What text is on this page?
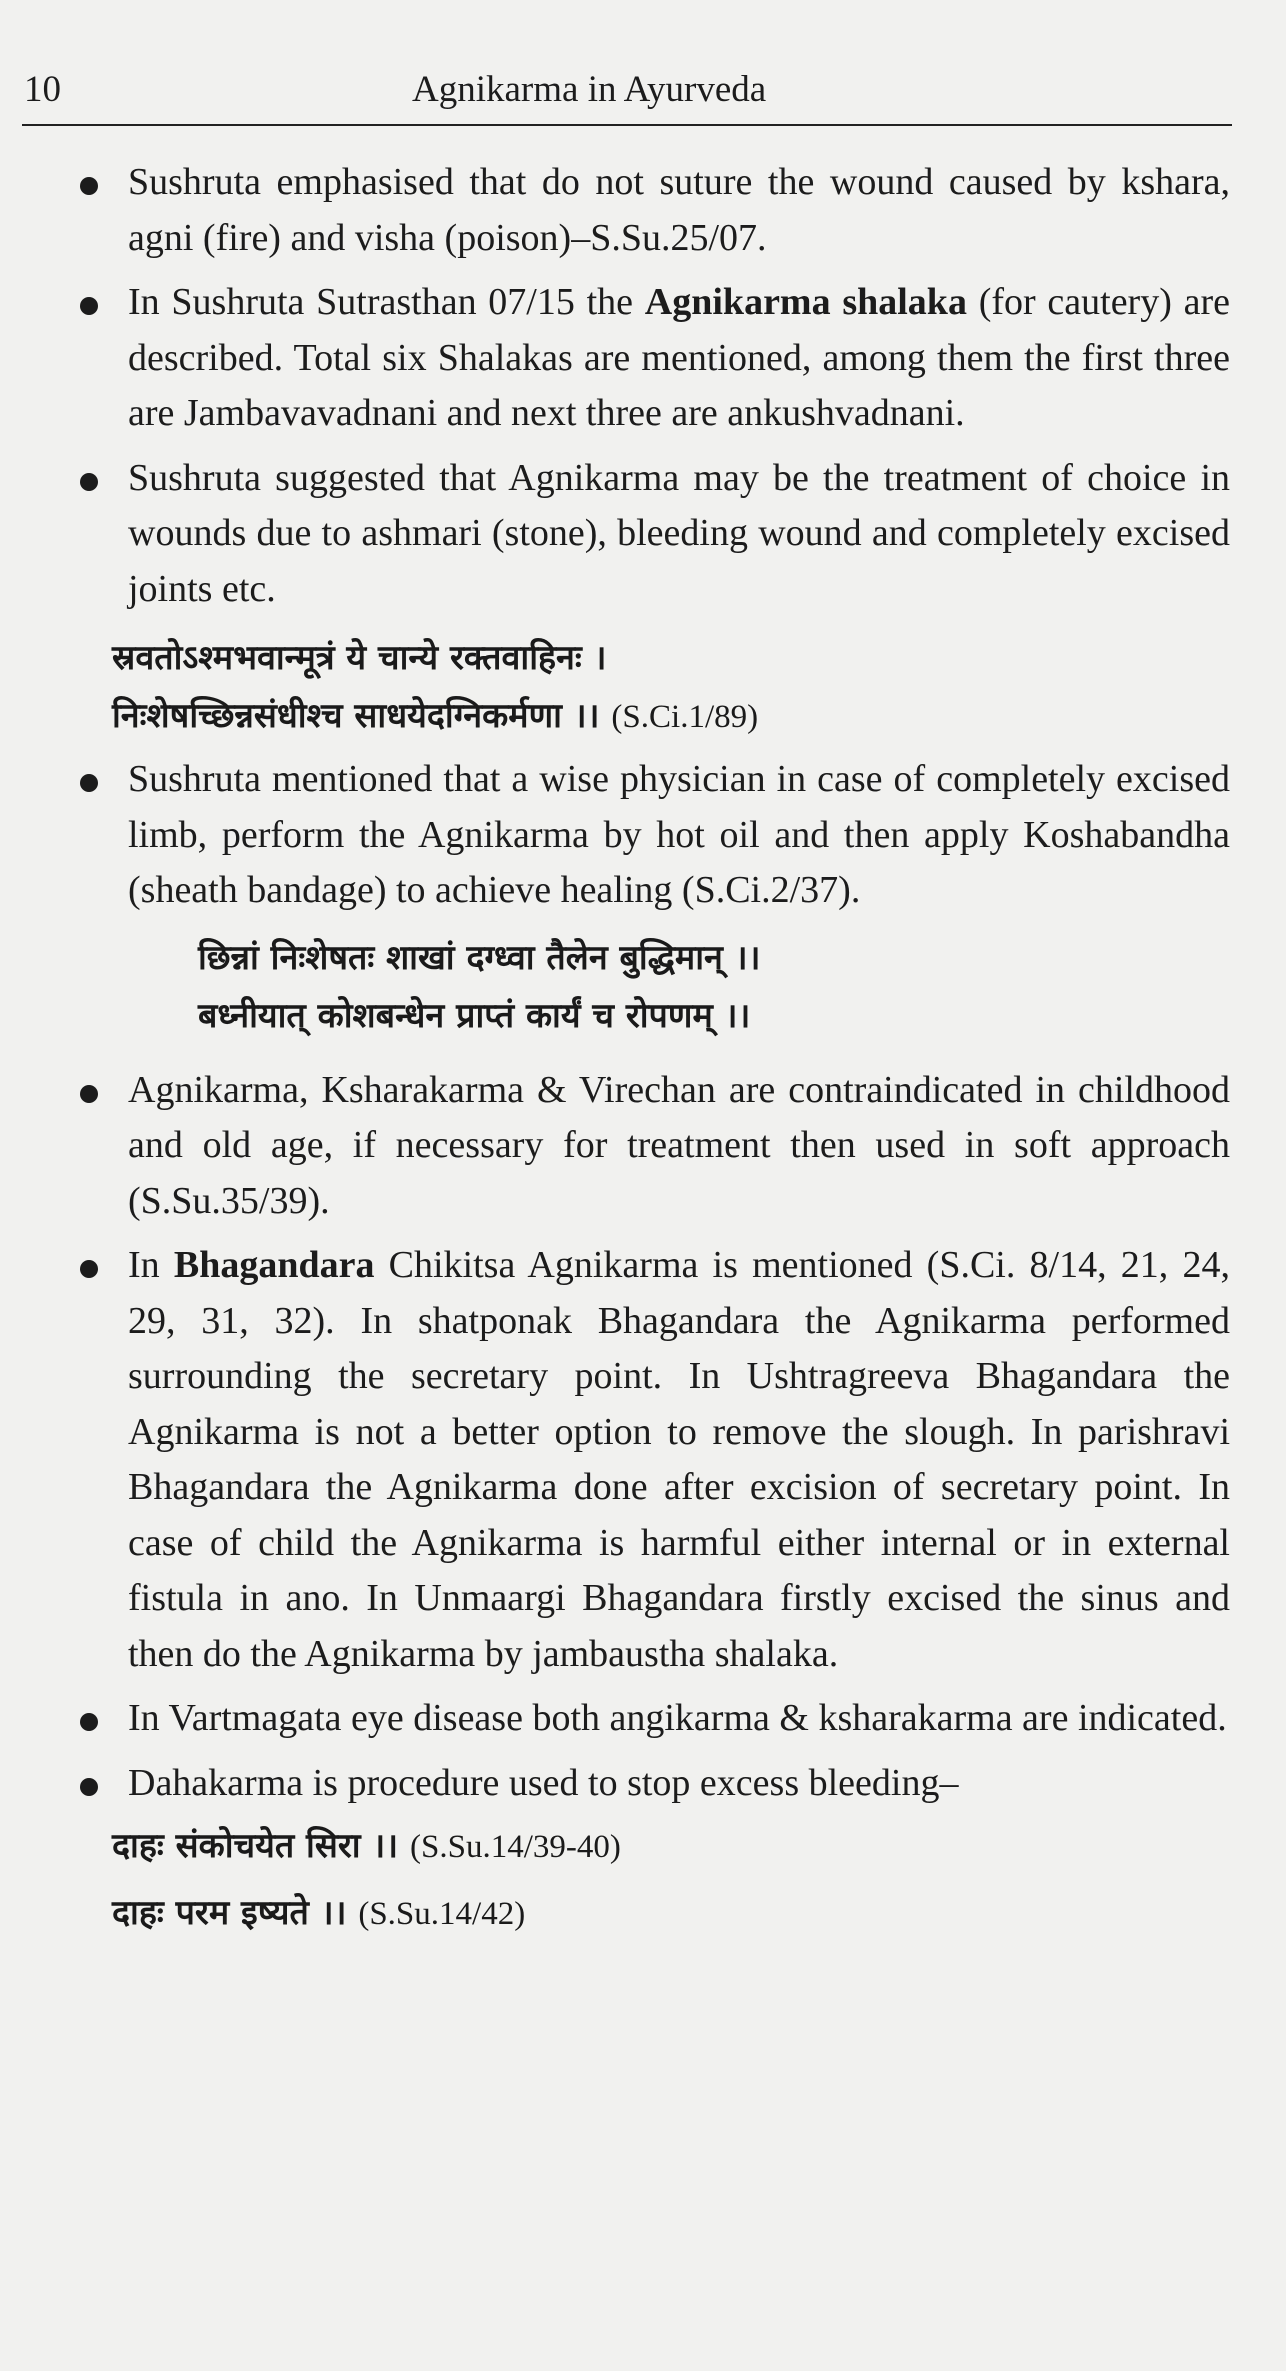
10	Agnikarma in Ayurveda
Sushruta emphasised that do not suture the wound caused by kshara, agni (fire) and visha (poison)–S.Su.25/07.
In Sushruta Sutrasthan 07/15 the Agnikarma shalaka (for cautery) are described. Total six Shalakas are mentioned, among them the first three are Jambavavadnani and next three are ankushvadnani.
Sushruta suggested that Agnikarma may be the treatment of choice in wounds due to ashmari (stone), bleeding wound and completely excised joints etc.
स्रवतोऽश्मभवान्मूत्रं ये चान्ये रक्तवाहिनः ।
निःशेषच्छिन्नसंधीश्च साधयेदग्निकर्मणा ।। (S.Ci.1/89)
Sushruta mentioned that a wise physician in case of completely excised limb, perform the Agnikarma by hot oil and then apply Koshabandha (sheath bandage) to achieve healing (S.Ci.2/37).
छिन्नां निःशेषतः शाखां दग्ध्वा तैलेन बुद्धिमान् ।।
बध्नीयात् कोशबन्धेन प्राप्तं कार्यं च रोपणम् ।।
Agnikarma, Ksharakarma & Virechan are contraindicated in childhood and old age, if necessary for treatment then used in soft approach (S.Su.35/39).
In Bhagandara Chikitsa Agnikarma is mentioned (S.Ci. 8/14, 21, 24, 29, 31, 32). In shatponak Bhagandara the Agnikarma performed surrounding the secretary point. In Ushtragreeva Bhagandara the Agnikarma is not a better option to remove the slough. In parishravi Bhagandara the Agnikarma done after excision of secretary point. In case of child the Agnikarma is harmful either internal or in external fistula in ano. In Unmaargi Bhagandara firstly excised the sinus and then do the Agnikarma by jambaustha shalaka.
In Vartmagata eye disease both angikarma & ksharakarma are indicated.
Dahakarma is procedure used to stop excess bleeding–
दाहः संकोचयेत सिरा ।। (S.Su.14/39-40)
दाहः परम इष्यते ।। (S.Su.14/42)
